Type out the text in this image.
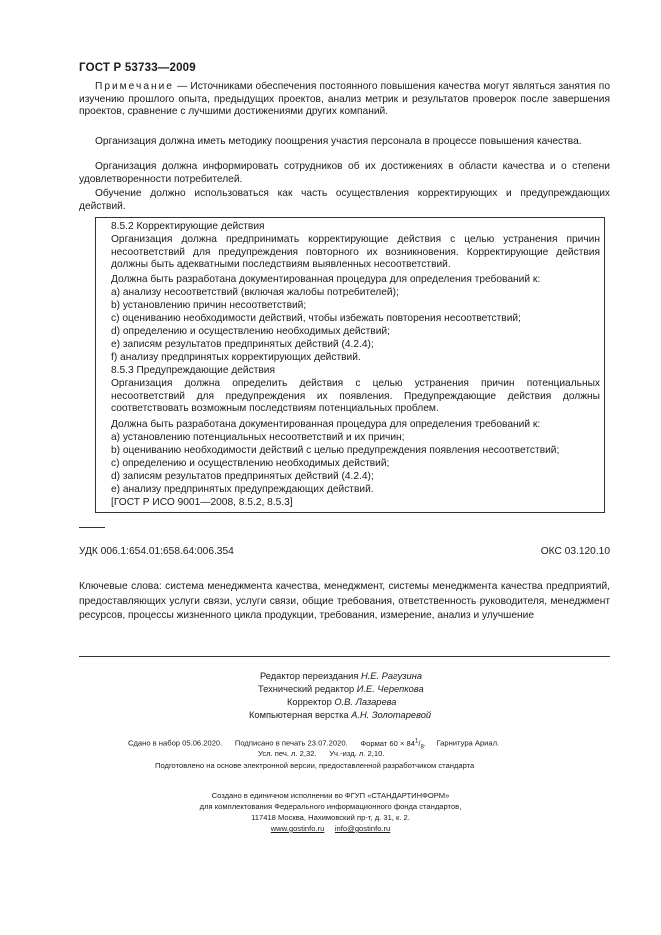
ГОСТ Р 53733—2009
Примечание — Источниками обеспечения постоянного повышения качества могут являться занятия по изучению прошлого опыта, предыдущих проектов, анализ метрик и результатов проверок после завершения проектов, сравнение с лучшими достижениями других компаний.
Организация должна иметь методику поощрения участия персонала в процессе повышения качества.
Организация должна информировать сотрудников об их достижениях в области качества и о степени удовлетворенности потребителей.
Обучение должно использоваться как часть осуществления корректирующих и предупреждающих действий.
8.5.2 Корректирующие действия
Организация должна предпринимать корректирующие действия с целью устранения причин несоответствий для предупреждения повторного их возникновения. Корректирующие действия должны быть адекватными последствиям выявленных несоответствий.
Должна быть разработана документированная процедура для определения требований к:
a) анализу несоответствий (включая жалобы потребителей);
b) установлению причин несоответствий;
c) оцениванию необходимости действий, чтобы избежать повторения несоответствий;
d) определению и осуществлению необходимых действий;
e) записям результатов предпринятых действий (4.2.4);
f) анализу предпринятых корректирующих действий.
8.5.3 Предупреждающие действия
Организация должна определить действия с целью устранения причин потенциальных несоответствий для предупреждения их появления. Предупреждающие действия должны соответствовать возможным последствиям потенциальных проблем.
Должна быть разработана документированная процедура для определения требований к:
a) установлению потенциальных несоответствий и их причин;
b) оцениванию необходимости действий с целью предупреждения появления несоответствий;
c) определению и осуществлению необходимых действий;
d) записям результатов предпринятых действий (4.2.4);
e) анализу предпринятых предупреждающих действий.
[ГОСТ Р ИСО 9001—2008, 8.5.2, 8.5.3]
УДК 006.1:654.01:658.64:006.354	ОКС 03.120.10
Ключевые слова: система менеджмента качества, менеджмент, системы менеджмента качества предприятий, предоставляющих услуги связи, услуги связи, общие требования, ответственность руководителя, менеджмент ресурсов, процессы жизненного цикла продукции, требования, измерение, анализ и улучшение
Редактор переиздания Н.Е. Рагузина
Технический редактор И.Е. Черепкова
Корректор О.В. Лазарева
Компьютерная верстка А.Н. Золотаревой
Сдано в набор 05.06.2020. Подписано в печать 23.07.2020. Формат $60 \times 84^1/_8$. Гарнитура Ариал.
Усл. печ. л. 2,32. Уч.-изд. л. 2,10.
Подготовлено на основе электронной версии, предоставленной разработчиком стандарта
Создано в единичном исполнении во ФГУП «СТАНДАРТИНФОРМ»
для комплектования Федерального информационного фонда стандартов,
117418 Москва, Нахимовский пр-т, д. 31, к. 2.
www.gostinfo.ru info@gostinfo.ru
